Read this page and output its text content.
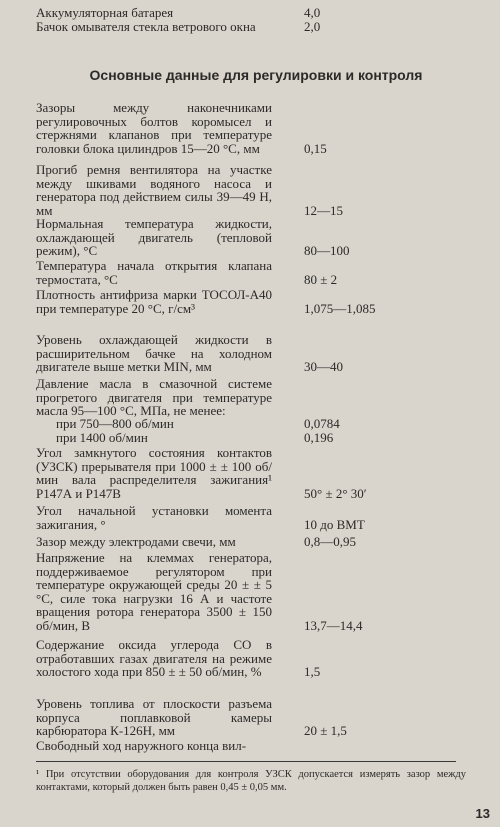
Аккумуляторная батарея	4,0
Бачок омывателя стекла ветрового окна	2,0
Основные данные для регулировки и контроля
Зазоры между наконечниками регулировочных болтов коромысел и стержнями клапанов при температуре головки блока цилиндров 15—20 °С, мм	0,15
Прогиб ремня вентилятора на участке между шкивами водяного насоса и генератора под действием силы 39—49 Н, мм	12—15
Нормальная температура жидкости, охлаждающей двигатель (тепловой режим), °С	80—100
Температура начала открытия клапана термостата, °С	80 ± 2
Плотность антифриза марки ТОСОЛ-А40 при температуре 20 °С, г/см³	1,075—1,085
Уровень охлаждающей жидкости в расширительном бачке на холодном двигателе выше метки MIN, мм	30—40
Давление масла в смазочной системе прогретого двигателя при температуре масла 95—100 °С, МПа, не менее:
при 750—800 об/мин	0,0784
при 1400 об/мин	0,196
Угол замкнутого состояния контактов (УЗСК) прерывателя при 1000 ± ± 100 об/мин вала распределителя зажигания¹ Р147А и Р147В	50° ± 2° 30′
Угол начальной установки момента зажигания, °	10 до ВМТ
Зазор между электродами свечи, мм	0,8—0,95
Напряжение на клеммах генератора, поддерживаемое регулятором при температуре окружающей среды 20 ± ± 5 °С, силе тока нагрузки 16 А и частоте вращения ротора генератора 3500 ± 150 об/мин, В	13,7—14,4
Содержание оксида углерода СО в отработавших газах двигателя на режиме холостого хода при 850 ± ± 50 об/мин, %	1,5
Уровень топлива от плоскости разъема корпуса поплавковой камеры карбюратора К-126Н, мм	20 ± 1,5
Свободный ход наружного конца вил-
¹ При отсутствии оборудования для контроля УЗСК допускается измерять зазор между контактами, который должен быть равен 0,45 ± 0,05 мм.
13
